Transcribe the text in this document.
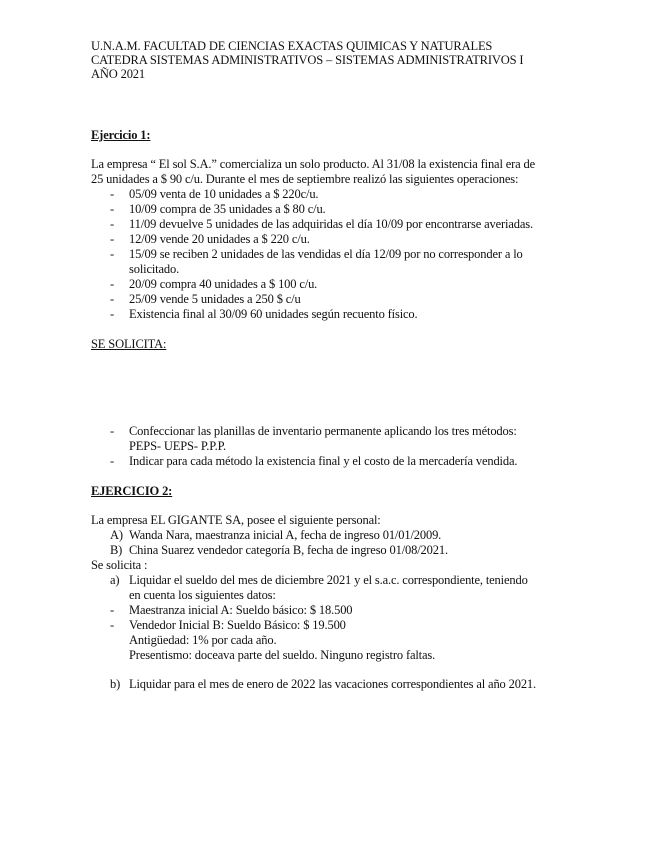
U.N.A.M. FACULTAD DE CIENCIAS EXACTAS QUIMICAS Y NATURALES
CATEDRA SISTEMAS ADMINISTRATIVOS – SISTEMAS ADMINISTRATRIVOS I
AÑO 2021
Ejercicio 1:
La empresa “ El sol S.A.” comercializa un solo producto. Al 31/08 la existencia final era de
25 unidades a $ 90 c/u. Durante el mes de septiembre realizó las siguientes operaciones:
- 05/09 venta de 10 unidades a $ 220c/u.
- 10/09 compra de 35 unidades a $ 80 c/u.
- 11/09 devuelve 5 unidades de las adquiridas el día 10/09 por encontrarse averiadas.
- 12/09 vende 20 unidades a $ 220 c/u.
- 15/09 se reciben 2 unidades de las vendidas el día 12/09 por no corresponder a lo
solicitado.
- 20/09 compra 40 unidades a $ 100 c/u.
- 25/09 vende 5 unidades a 250 $ c/u
- Existencia final al 30/09 60 unidades según recuento físico.
SE SOLICITA:
- Confeccionar las planillas de inventario permanente aplicando los tres métodos:
PEPS- UEPS- P.P.P.
- Indicar para cada método la existencia final y el costo de la mercadería vendida.
EJERCICIO 2:
La empresa EL GIGANTE SA, posee el siguiente personal:
A) Wanda Nara, maestranza inicial A, fecha de ingreso 01/01/2009.
B) China Suarez vendedor categoría B, fecha de ingreso 01/08/2021.
Se solicita :
a) Liquidar el sueldo del mes de diciembre 2021 y el s.a.c. correspondiente, teniendo
en cuenta los siguientes datos:
- Maestranza inicial A: Sueldo básico: $ 18.500
- Vendedor Inicial B: Sueldo Básico: $ 19.500
Antigüedad: 1% por cada año.
Presentismo: doceava parte del sueldo. Ninguno registro faltas.
b) Liquidar para el mes de enero de 2022 las vacaciones correspondientes al año 2021.
